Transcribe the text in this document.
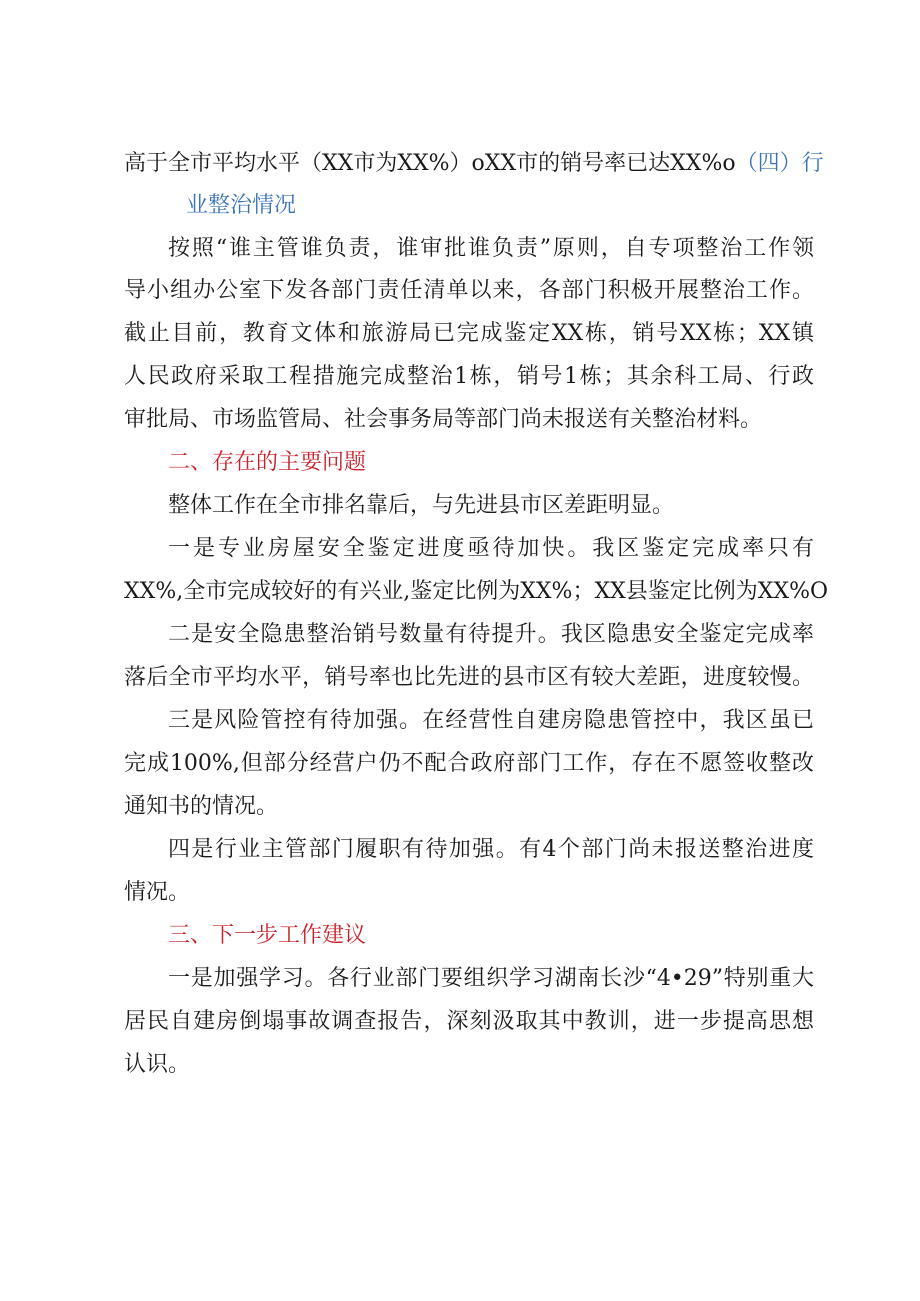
高于全市平均水平（XX市为XX%）oXX市的销号率已达XX%o（四）行
业整治情况
按照“谁主管谁负责，谁审批谁负责”原则，自专项整治工作领
导小组办公室下发各部门责任清单以来，各部门积极开展整治工作。
截止目前，教育文体和旅游局已完成鉴定XX栋，销号XX栋；XX镇
人民政府采取工程措施完成整治1栋，销号1栋；其余科工局、行政
审批局、市场监管局、社会事务局等部门尚未报送有关整治材料。
二、存在的主要问题
整体工作在全市排名靠后，与先进县市区差距明显。
一是专业房屋安全鉴定进度亟待加快。我区鉴定完成率只有
XX%,全市完成较好的有兴业,鉴定比例为XX%；XX县鉴定比例为XX%O
二是安全隐患整治销号数量有待提升。我区隐患安全鉴定完成率
落后全市平均水平，销号率也比先进的县市区有较大差距，进度较慢。
三是风险管控有待加强。在经营性自建房隐患管控中，我区虽已
完成100%,但部分经营户仍不配合政府部门工作，存在不愿签收整改
通知书的情况。
四是行业主管部门履职有待加强。有4个部门尚未报送整治进度
情况。
三、下一步工作建议
一是加强学习。各行业部门要组织学习湖南长沙“4•29”特别重大
居民自建房倒塌事故调查报告，深刻汲取其中教训，进一步提高思想
认识。
